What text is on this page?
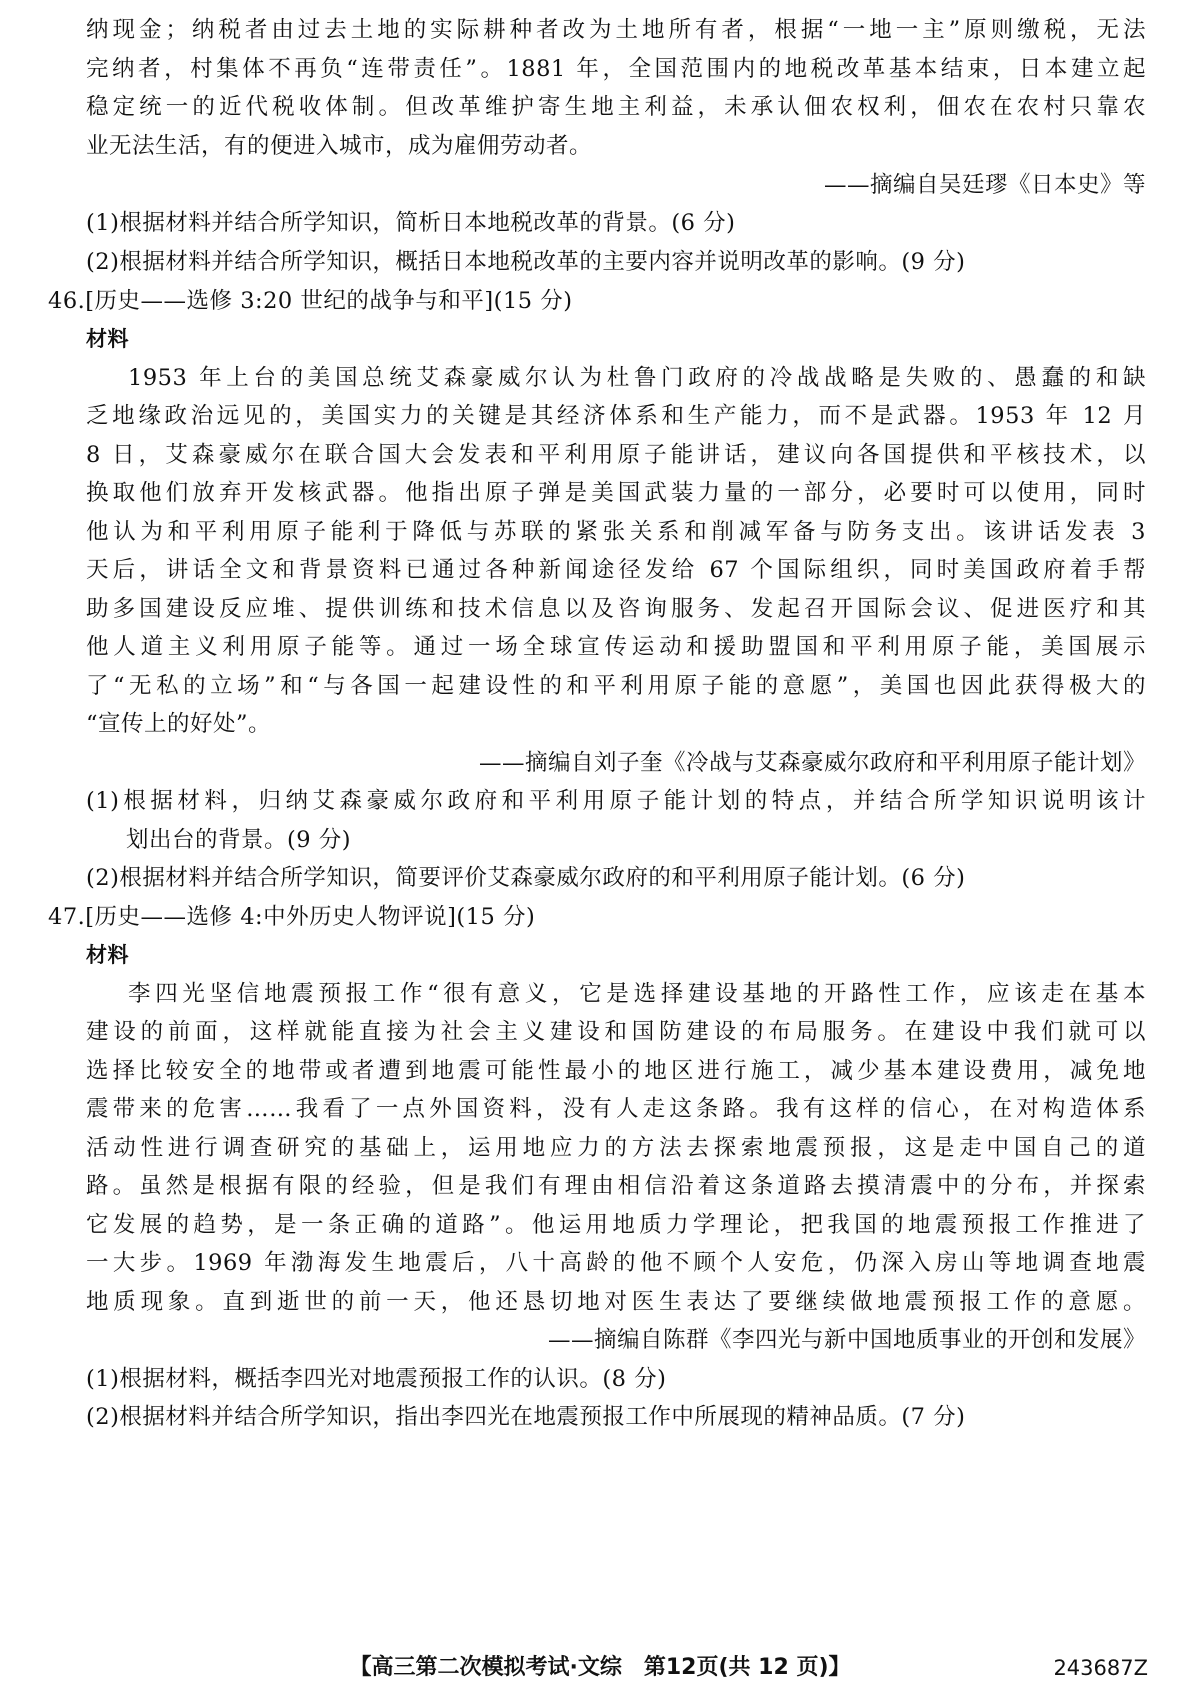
纳现金；纳税者由过去土地的实际耕种者改为土地所有者，根据“一地一主”原则缴税，无法
完纳者，村集体不再负“连带责任”。1881 年，全国范围内的地税改革基本结束，日本建立起
稳定统一的近代税收体制。但改革维护寄生地主利益，未承认佃农权利，佃农在农村只靠农
业无法生活，有的便进入城市，成为雇佣劳动者。
——摘编自吴廷璆《日本史》等
(1)根据材料并结合所学知识，简析日本地税改革的背景。(6 分)
(2)根据材料并结合所学知识，概括日本地税改革的主要内容并说明改革的影响。(9 分)
46.[历史——选修 3:20 世纪的战争与和平](15 分)
材料
1953 年上台的美国总统艾森豪威尔认为杜鲁门政府的冷战战略是失败的、愚蠢的和缺
乏地缘政治远见的，美国实力的关键是其经济体系和生产能力，而不是武器。1953 年 12 月
8 日，艾森豪威尔在联合国大会发表和平利用原子能讲话，建议向各国提供和平核技术，以
换取他们放弃开发核武器。他指出原子弹是美国武装力量的一部分，必要时可以使用，同时
他认为和平利用原子能利于降低与苏联的紧张关系和削减军备与防务支出。该讲话发表 3
天后，讲话全文和背景资料已通过各种新闻途径发给 67 个国际组织，同时美国政府着手帮
助多国建设反应堆、提供训练和技术信息以及咨询服务、发起召开国际会议、促进医疗和其
他人道主义利用原子能等。通过一场全球宣传运动和援助盟国和平利用原子能，美国展示
了“无私的立场”和“与各国一起建设性的和平利用原子能的意愿”，美国也因此获得极大的
“宣传上的好处”。
——摘编自刘子奎《冷战与艾森豪威尔政府和平利用原子能计划》
(1)根据材料，归纳艾森豪威尔政府和平利用原子能计划的特点，并结合所学知识说明该计
划出台的背景。(9 分)
(2)根据材料并结合所学知识，简要评价艾森豪威尔政府的和平利用原子能计划。(6 分)
47.[历史——选修 4:中外历史人物评说](15 分)
材料
李四光坚信地震预报工作“很有意义，它是选择建设基地的开路性工作，应该走在基本
建设的前面，这样就能直接为社会主义建设和国防建设的布局服务。在建设中我们就可以
选择比较安全的地带或者遭到地震可能性最小的地区进行施工，减少基本建设费用，减免地
震带来的危害……我看了一点外国资料，没有人走这条路。我有这样的信心，在对构造体系
活动性进行调查研究的基础上，运用地应力的方法去探索地震预报，这是走中国自己的道
路。虽然是根据有限的经验，但是我们有理由相信沿着这条道路去摸清震中的分布，并探索
它发展的趋势，是一条正确的道路”。他运用地质力学理论，把我国的地震预报工作推进了
一大步。1969 年渤海发生地震后，八十高龄的他不顾个人安危，仍深入房山等地调查地震
地质现象。直到逝世的前一天，他还恳切地对医生表达了要继续做地震预报工作的意愿。
——摘编自陈群《李四光与新中国地质事业的开创和发展》
(1)根据材料，概括李四光对地震预报工作的认识。(8 分)
(2)根据材料并结合所学知识，指出李四光在地震预报工作中所展现的精神品质。(7 分)
【高三第二次模拟考试·文综　第12页(共 12 页)】	243687Z
